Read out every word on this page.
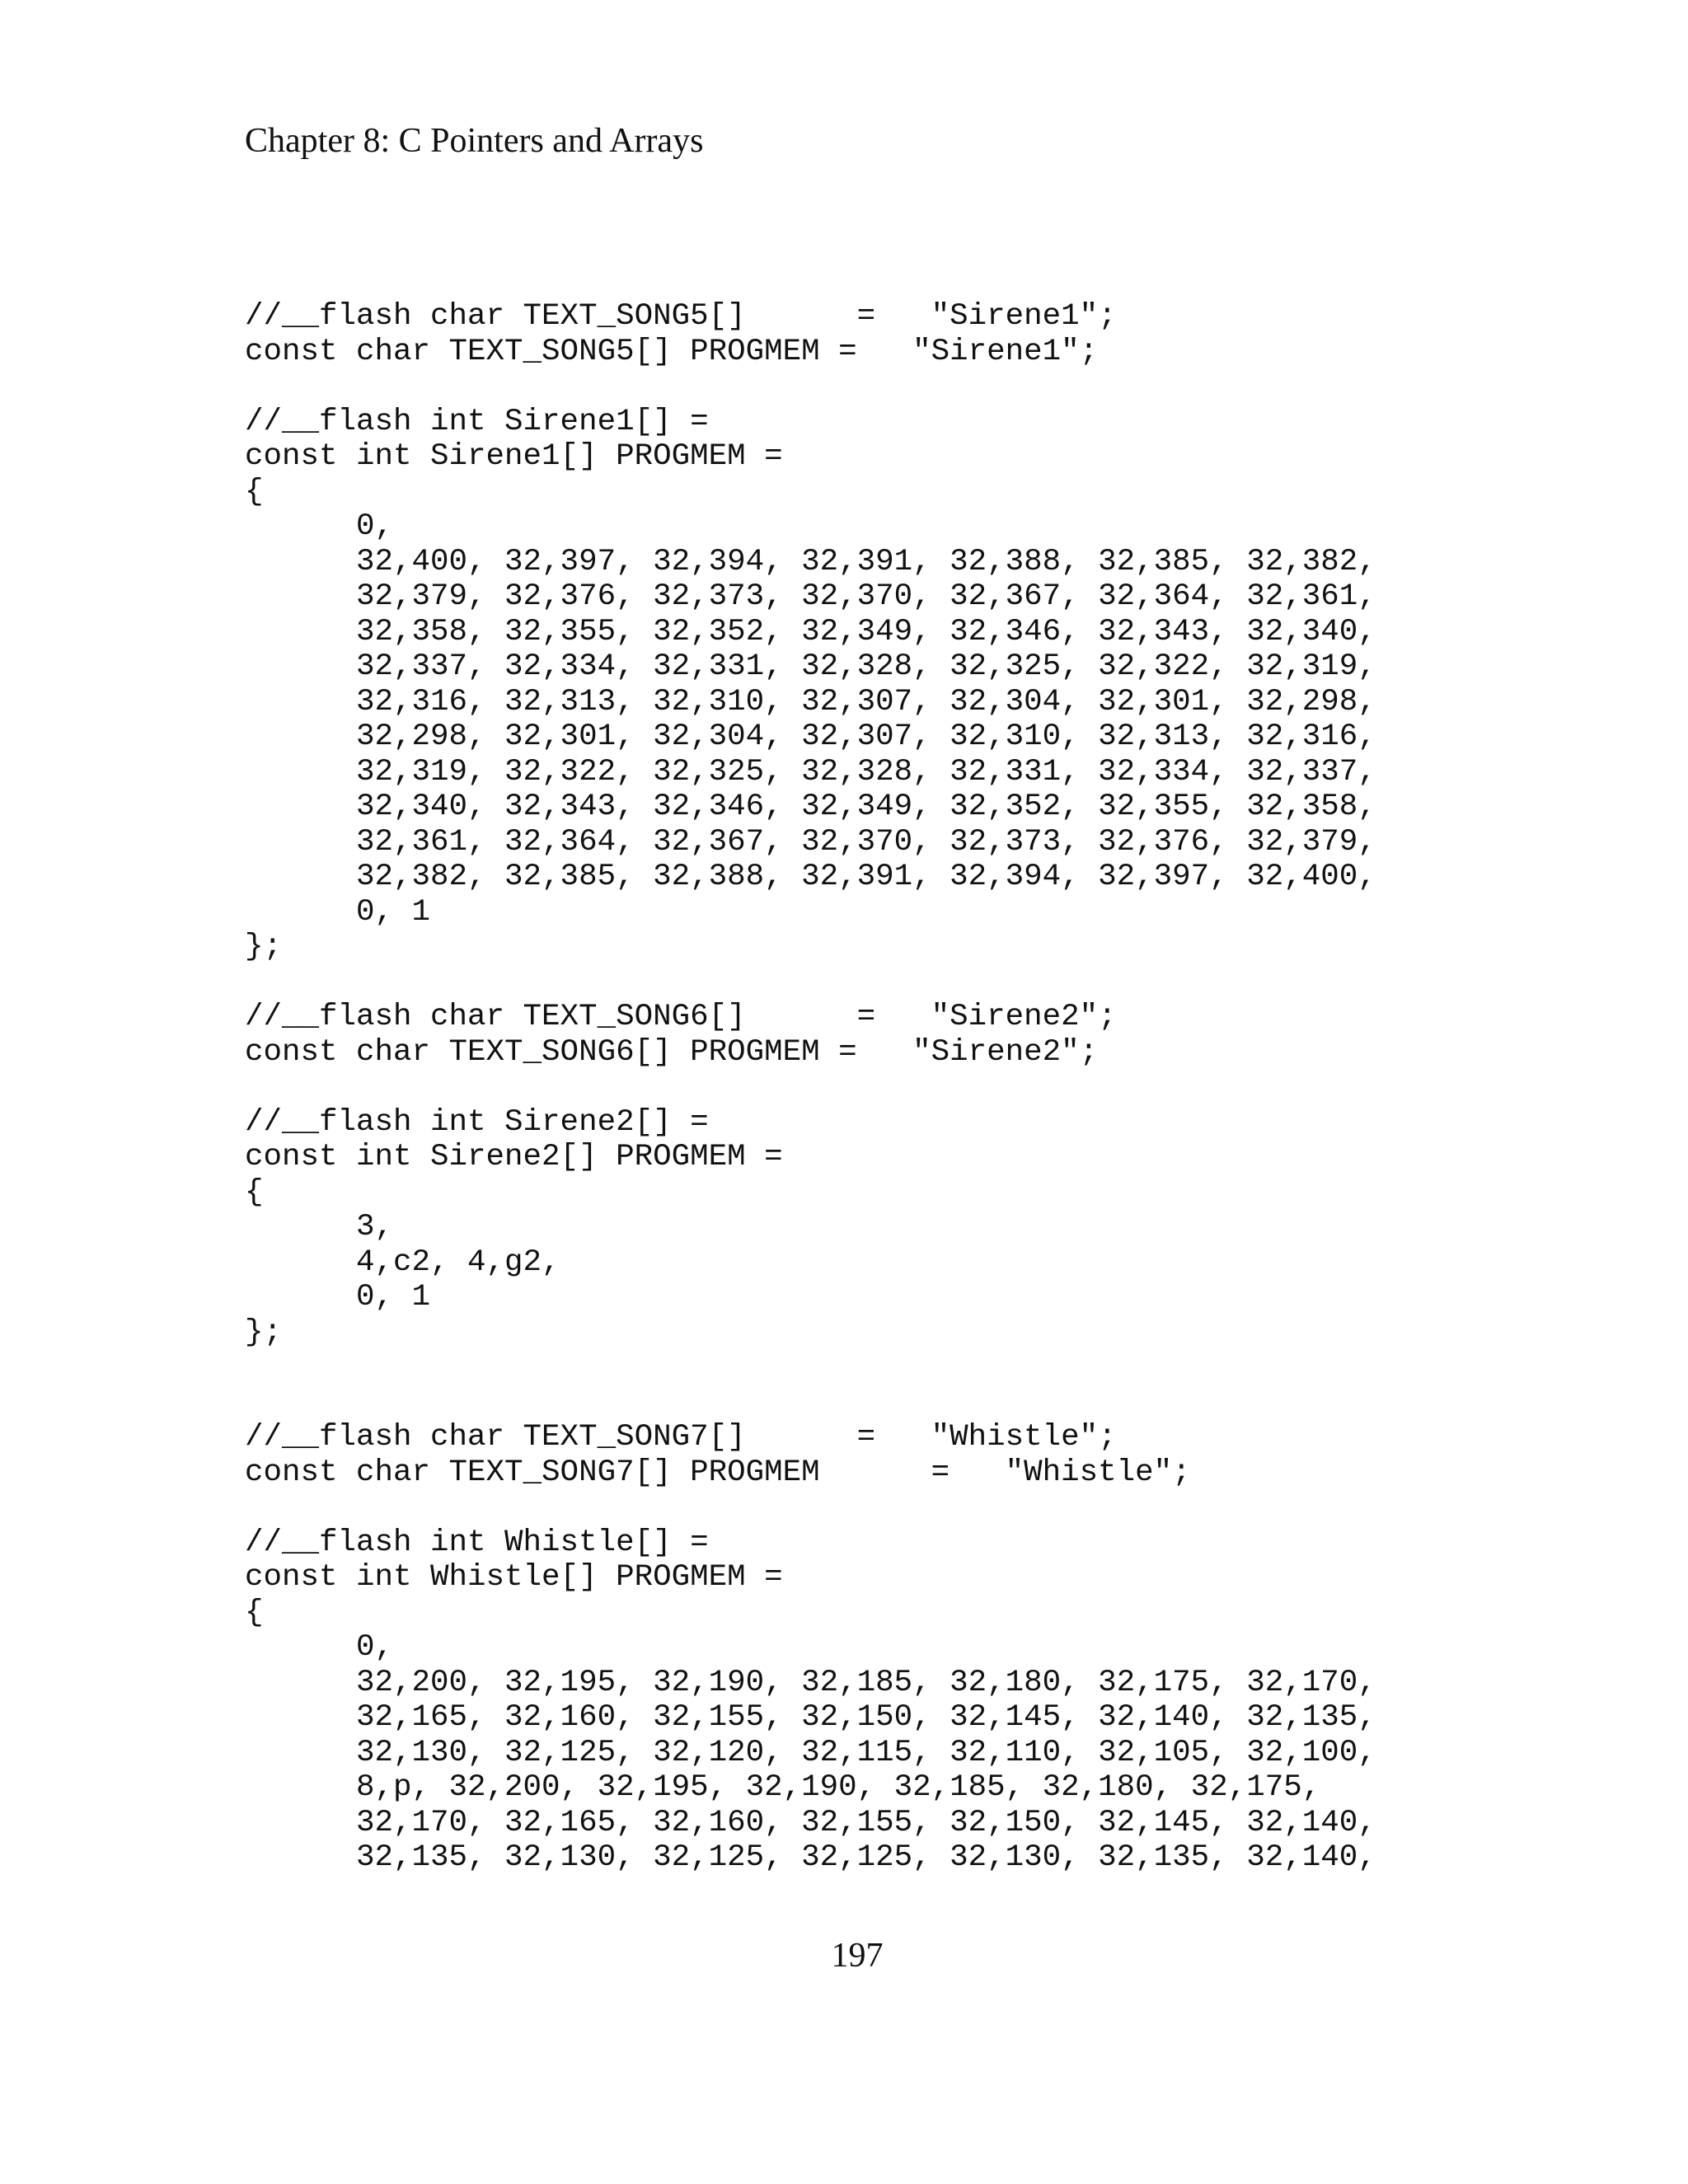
Chapter 8: C Pointers and Arrays
//__flash char TEXT_SONG5[]      =   "Sirene1";
const char TEXT_SONG5[] PROGMEM =   "Sirene1";
//__flash int Sirene1[] =
const int Sirene1[] PROGMEM =
{
0,
32,400, 32,397, 32,394, 32,391, 32,388, 32,385, 32,382,
32,379, 32,376, 32,373, 32,370, 32,367, 32,364, 32,361,
32,358, 32,355, 32,352, 32,349, 32,346, 32,343, 32,340,
32,337, 32,334, 32,331, 32,328, 32,325, 32,322, 32,319,
32,316, 32,313, 32,310, 32,307, 32,304, 32,301, 32,298,
32,298, 32,301, 32,304, 32,307, 32,310, 32,313, 32,316,
32,319, 32,322, 32,325, 32,328, 32,331, 32,334, 32,337,
32,340, 32,343, 32,346, 32,349, 32,352, 32,355, 32,358,
32,361, 32,364, 32,367, 32,370, 32,373, 32,376, 32,379,
32,382, 32,385, 32,388, 32,391, 32,394, 32,397, 32,400,
0, 1
};
//__flash char TEXT_SONG6[]      =   "Sirene2";
const char TEXT_SONG6[] PROGMEM =   "Sirene2";
//__flash int Sirene2[] =
const int Sirene2[] PROGMEM =
{
3,
4,c2, 4,g2,
0, 1
};
//__flash char TEXT_SONG7[]      =   "Whistle";
const char TEXT_SONG7[] PROGMEM      =   "Whistle";
//__flash int Whistle[] =
const int Whistle[] PROGMEM =
{
0,
32,200, 32,195, 32,190, 32,185, 32,180, 32,175, 32,170,
32,165, 32,160, 32,155, 32,150, 32,145, 32,140, 32,135,
32,130, 32,125, 32,120, 32,115, 32,110, 32,105, 32,100,
8,p, 32,200, 32,195, 32,190, 32,185, 32,180, 32,175,
32,170, 32,165, 32,160, 32,155, 32,150, 32,145, 32,140,
32,135, 32,130, 32,125, 32,125, 32,130, 32,135, 32,140,
197
